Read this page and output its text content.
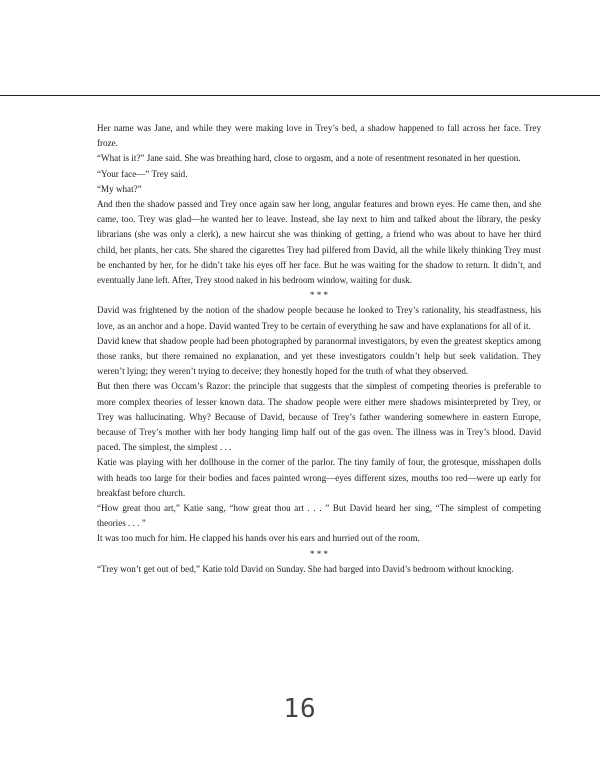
Her name was Jane, and while they were making love in Trey’s bed, a shadow happened to fall across her face. Trey froze.

“What is it?” Jane said. She was breathing hard, close to orgasm, and a note of resentment resonated in her question.

“Your face—” Trey said.

“My what?”

And then the shadow passed and Trey once again saw her long, angular features and brown eyes. He came then, and she came, too. Trey was glad—he wanted her to leave. Instead, she lay next to him and talked about the library, the pesky librarians (she was only a clerk), a new haircut she was thinking of getting, a friend who was about to have her third child, her plants, her cats. She shared the cigarettes Trey had pilfered from David, all the while likely thinking Trey must be enchanted by her, for he didn’t take his eyes off her face. But he was waiting for the shadow to return. It didn’t, and eventually Jane left. After, Trey stood naked in his bedroom window, waiting for dusk.

* * *

David was frightened by the notion of the shadow people because he looked to Trey’s rationality, his steadfastness, his love, as an anchor and a hope. David wanted Trey to be certain of everything he saw and have explanations for all of it.

David knew that shadow people had been photographed by paranormal investigators, by even the greatest skeptics among those ranks, but there remained no explanation, and yet these investigators couldn’t help but seek validation. They weren’t lying; they weren’t trying to deceive; they honestly hoped for the truth of what they observed.

But then there was Occam’s Razor: the principle that suggests that the simplest of competing theories is preferable to more complex theories of lesser known data. The shadow people were either mere shadows misinterpreted by Trey, or Trey was hallucinating. Why? Because of David, because of Trey’s father wandering somewhere in eastern Europe, because of Trey’s mother with her body hanging limp half out of the gas oven. The illness was in Trey’s blood. David paced. The simplest, the simplest . . .

Katie was playing with her dollhouse in the corner of the parlor. The tiny family of four, the grotesque, misshapen dolls with heads too large for their bodies and faces painted wrong—eyes different sizes, mouths too red—were up early for breakfast before church.

“How great thou art,” Katie sang, “how great thou art . . . ” But David heard her sing, “The simplest of competing theories . . . ”

It was too much for him. He clapped his hands over his ears and hurried out of the room.

* * *

“Trey won’t get out of bed,” Katie told David on Sunday. She had barged into David’s bedroom without knocking.

16
